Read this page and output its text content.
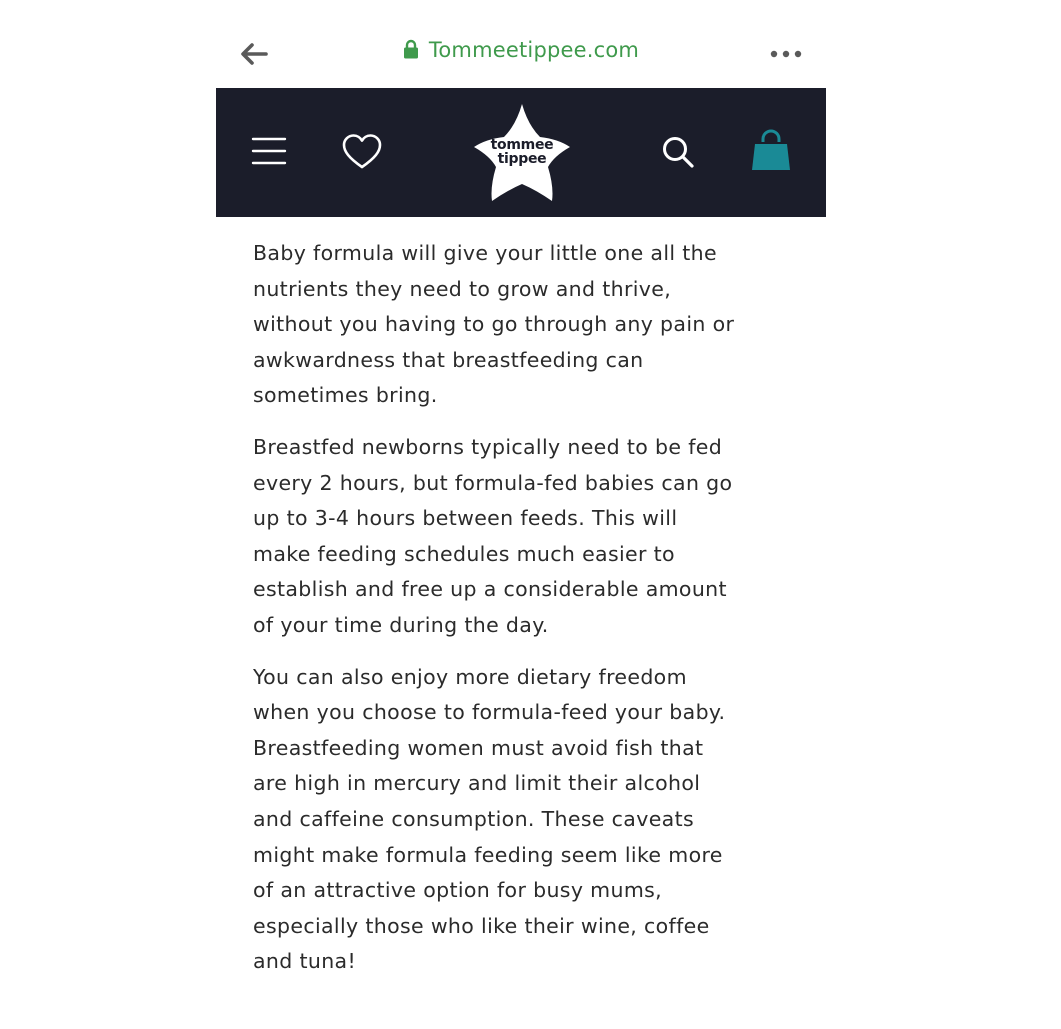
Tommeetippee.com
tommee
tippee

Baby formula will give your little one all the
nutrients they need to grow and thrive,
without you having to go through any pain or
awkwardness that breastfeeding can
sometimes bring.

Breastfed newborns typically need to be fed
every 2 hours, but formula-fed babies can go
up to 3-4 hours between feeds. This will
make feeding schedules much easier to
establish and free up a considerable amount
of your time during the day.

You can also enjoy more dietary freedom
when you choose to formula-feed your baby.
Breastfeeding women must avoid fish that
are high in mercury and limit their alcohol
and caffeine consumption. These caveats
might make formula feeding seem like more
of an attractive option for busy mums,
especially those who like their wine, coffee
and tuna!
